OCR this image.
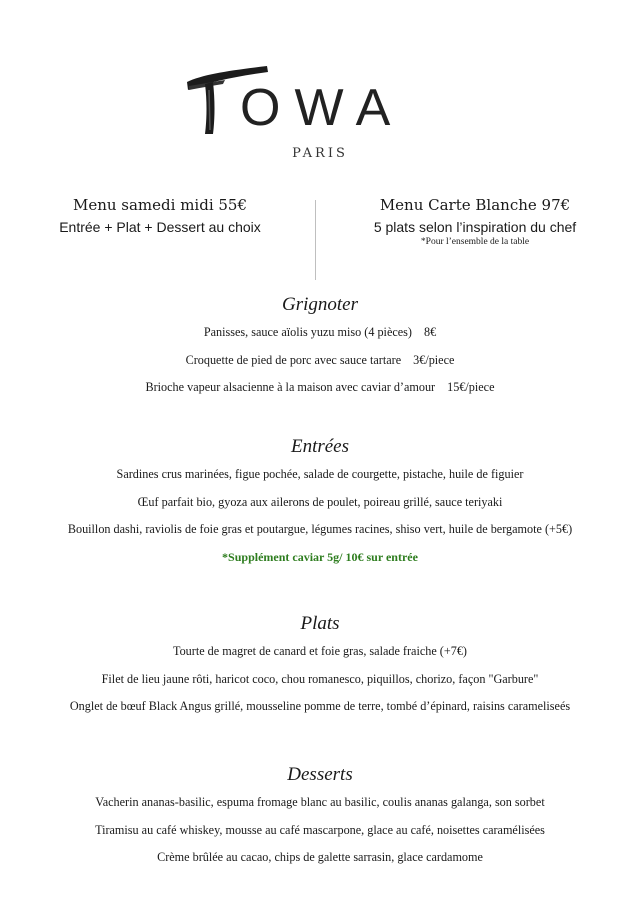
OWA
PARIS
Menu samedi midi 55€
Entrée + Plat + Dessert au choix
Menu Carte Blanche 97€
5 plats selon l’inspiration du chef
*Pour l’ensemble de la table
Grignoter
Panisses, sauce aïolis yuzu miso (4 pièces) 8€
Croquette de pied de porc avec sauce tartare 3€/piece
Brioche vapeur alsacienne à la maison avec caviar d’amour 15€/piece
Entrées
Sardines crus marinées, figue pochée, salade de courgette, pistache, huile de figuier
Œuf parfait bio, gyoza aux ailerons de poulet, poireau grillé, sauce teriyaki
Bouillon dashi, raviolis de foie gras et poutargue, légumes racines, shiso vert, huile de bergamote (+5€)
*Supplément caviar 5g/ 10€ sur entrée
Plats
Tourte de magret de canard et foie gras, salade fraiche (+7€)
Filet de lieu jaune rôti, haricot coco, chou romanesco, piquillos, chorizo, façon "Garbure"
Onglet de bœuf Black Angus grillé, mousseline pomme de terre, tombé d’épinard, raisins carameliseés
Desserts
Vacherin ananas-basilic, espuma fromage blanc au basilic, coulis ananas galanga, son sorbet
Tiramisu au café whiskey, mousse au café mascarpone, glace au café, noisettes caramélisées
Crème brûlée au cacao, chips de galette sarrasin, glace cardamome
